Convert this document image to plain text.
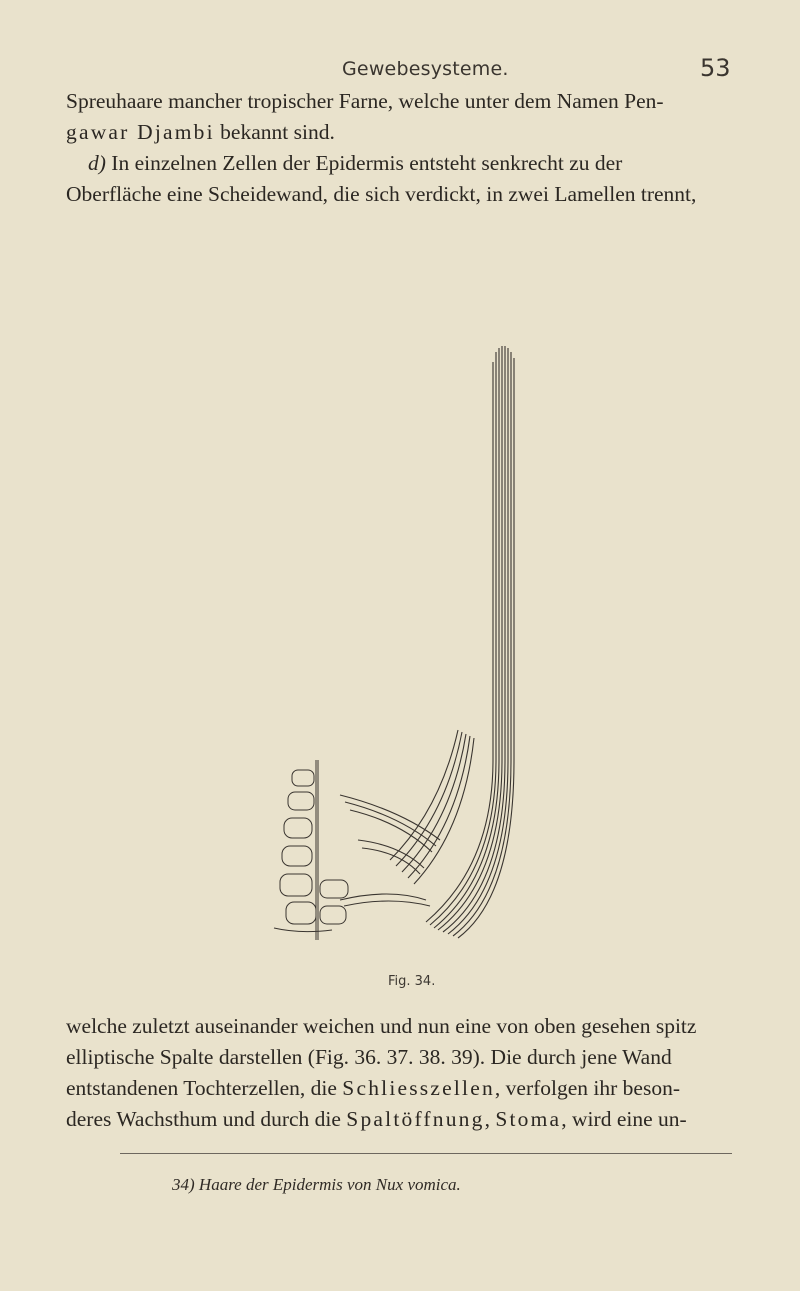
Gewebesysteme.	53
Spreuhaare mancher tropischer Farne, welche unter dem Namen Pen-
gawar Djambi bekannt sind.
d) In einzelnen Zellen der Epidermis entsteht senkrecht zu der
Oberfläche eine Scheidewand, die sich verdickt, in zwei Lamellen trennt,
Fig. 34.
welche zuletzt auseinander weichen und nun eine von oben gesehen spitz
elliptische Spalte darstellen (Fig. 36. 37. 38. 39). Die durch jene Wand
entstandenen Tochterzellen, die Schliesszellen, verfolgen ihr beson-
deres Wachsthum und durch die Spaltöffnung, Stoma, wird eine un-
34) Haare der Epidermis von Nux vomica.
